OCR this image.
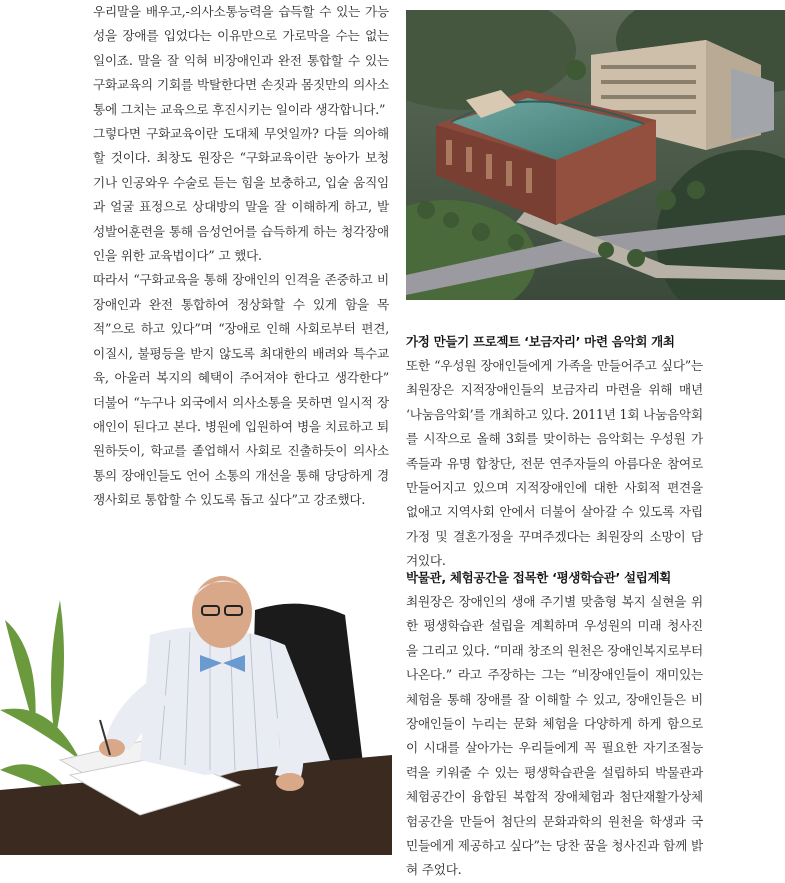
우리말을 배우고,-의사소통능력을 습득할 수 있는 가능성을 장애를 입었다는 이유만으로 가로막을 수는 없는 일이죠. 말을 잘 익혀 비장애인과 완전 통합할 수 있는 구화교육의 기회를 박탈한다면 손짓과 몸짓만의 의사소통에 그치는 교육으로 후진시키는 일이라 생각합니다.”

그렇다면 구화교육이란 도대체 무엇일까? 다들 의아해 할 것이다. 최창도 원장은 “구화교육이란 농아가 보청기나 인공와우 수술로 듣는 힘을 보충하고, 입술 움직임과 얼굴 표정으로 상대방의 말을 잘 이해하게 하고, 발성발어훈련을 통해 음성언어를 습득하게 하는 청각장애인을 위한 교육법이다” 고 했다.

따라서 “구화교육을 통해 장애인의 인격을 존중하고 비장애인과 완전 통합하여 정상화할 수 있게 함을 목적”으로 하고 있다”며 “장애로 인해 사회로부터 편견, 이질시, 불평등을 받지 않도록 최대한의 배려와 특수교육, 아울러 복지의 혜택이 주어져야 한다고 생각한다” 더불어 “누구나 외국에서 의사소통을 못하면 일시적 장애인이 된다고 본다. 병원에 입원하여 병을 치료하고 퇴원하듯이, 학교를 졸업해서 사회로 진출하듯이 의사소통의 장애인들도 언어 소통의 개선을 통해 당당하게 경쟁사회로 통합할 수 있도록 돕고 싶다”고 강조했다.

가정 만들기 프로젝트 ‘보금자리’ 마련 음악회 개최

또한 “우성원 장애인들에게 가족을 만들어주고 싶다”는 최원장은 지적장애인들의 보금자리 마련을 위해 매년 ‘나눔음악회’를 개최하고 있다. 2011년 1회 나눔음악회를 시작으로 올해 3회를 맞이하는 음악회는 우성원 가족들과 유명 합창단, 전문 연주자들의 아름다운 참여로 만들어지고 있으며 지적장애인에 대한 사회적 편견을 없애고 지역사회 안에서 더불어 살아갈 수 있도록 자립가정 및 결혼가정을 꾸며주겠다는 최원장의 소망이 담겨있다.

박물관, 체험공간을 접목한 ‘평생학습관’ 설립계획

최원장은 장애인의 생애 주기별 맞춤형 복지 실현을 위한 평생학습관 설립을 계획하며 우성원의 미래 청사진을 그리고 있다. “미래 창조의 원천은 장애인복지로부터 나온다.” 라고 주장하는 그는 “비장애인들이 재미있는 체험을 통해 장애를 잘 이해할 수 있고, 장애인들은 비장애인들이 누리는 문화 체험을 다양하게 하게 함으로 이 시대를 살아가는 우리들에게 꼭 필요한 자기조절능력을 키워줄 수 있는 평생학습관을 설립하되 박물관과 체험공간이 융합된 복합적 장애체험과 첨단재활가상체험공간을 만들어 첨단의 문화과학의 원천을 학생과 국민들에게 제공하고 싶다”는 당찬 꿈을 청사진과 함께 밝혀 주었다.
